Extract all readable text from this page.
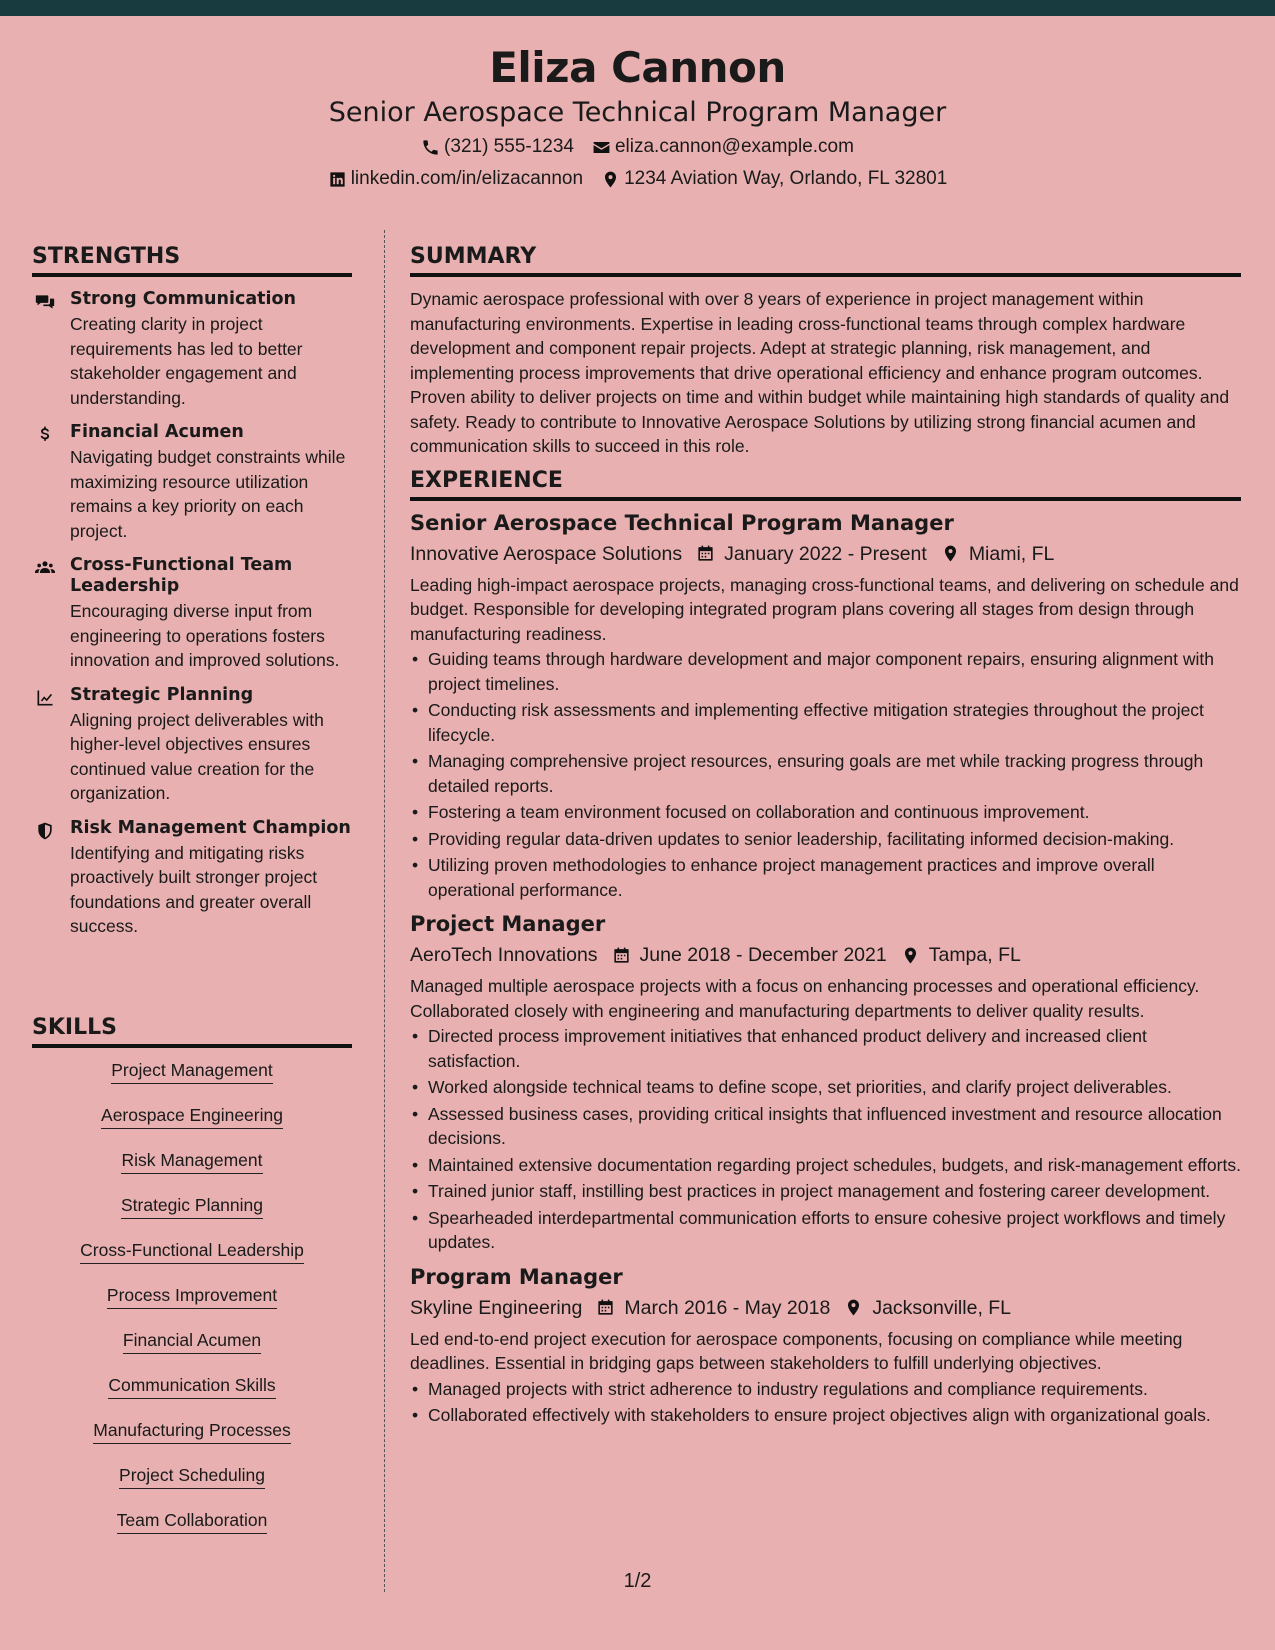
Eliza Cannon
Senior Aerospace Technical Program Manager
(321) 555-1234 eliza.cannon@example.com
linkedin.com/in/elizacannon 1234 Aviation Way, Orlando, FL 32801
STRENGTHS
Strong Communication
Creating clarity in project requirements has led to better stakeholder engagement and understanding.
Financial Acumen
Navigating budget constraints while maximizing resource utilization remains a key priority on each project.
Cross-Functional Team Leadership
Encouraging diverse input from engineering to operations fosters innovation and improved solutions.
Strategic Planning
Aligning project deliverables with higher-level objectives ensures continued value creation for the organization.
Risk Management Champion
Identifying and mitigating risks proactively built stronger project foundations and greater overall success.
SKILLS
Project Management
Aerospace Engineering
Risk Management
Strategic Planning
Cross-Functional Leadership
Process Improvement
Financial Acumen
Communication Skills
Manufacturing Processes
Project Scheduling
Team Collaboration
SUMMARY

Dynamic aerospace professional with over 8 years of experience in project management within manufacturing environments. Expertise in leading cross-functional teams through complex hardware development and component repair projects. Adept at strategic planning, risk management, and implementing process improvements that drive operational efficiency and enhance program outcomes. Proven ability to deliver projects on time and within budget while maintaining high standards of quality and safety. Ready to contribute to Innovative Aerospace Solutions by utilizing strong financial acumen and communication skills to succeed in this role.

EXPERIENCE
Senior Aerospace Technical Program Manager
Innovative Aerospace Solutions January 2022 - Present Miami, FL

Leading high-impact aerospace projects, managing cross-functional teams, and delivering on schedule and budget. Responsible for developing integrated program plans covering all stages from design through manufacturing readiness.

• Guiding teams through hardware development and major component repairs, ensuring alignment with project timelines.
• Conducting risk assessments and implementing effective mitigation strategies throughout the project lifecycle.
• Managing comprehensive project resources, ensuring goals are met while tracking progress through detailed reports.
• Fostering a team environment focused on collaboration and continuous improvement.
• Providing regular data-driven updates to senior leadership, facilitating informed decision-making.
• Utilizing proven methodologies to enhance project management practices and improve overall operational performance.
Project Manager
AeroTech Innovations June 2018 - December 2021 Tampa, FL

Managed multiple aerospace projects with a focus on enhancing processes and operational efficiency. Collaborated closely with engineering and manufacturing departments to deliver quality results.

• Directed process improvement initiatives that enhanced product delivery and increased client satisfaction.
• Worked alongside technical teams to define scope, set priorities, and clarify project deliverables.
• Assessed business cases, providing critical insights that influenced investment and resource allocation decisions.
• Maintained extensive documentation regarding project schedules, budgets, and risk-management efforts.
• Trained junior staff, instilling best practices in project management and fostering career development.
• Spearheaded interdepartmental communication efforts to ensure cohesive project workflows and timely updates.
Program Manager
Skyline Engineering March 2016 - May 2018 Jacksonville, FL

Led end-to-end project execution for aerospace components, focusing on compliance while meeting deadlines. Essential in bridging gaps between stakeholders to fulfill underlying objectives.

• Managed projects with strict adherence to industry regulations and compliance requirements.
• Collaborated effectively with stakeholders to ensure project objectives align with organizational goals.
1/2
